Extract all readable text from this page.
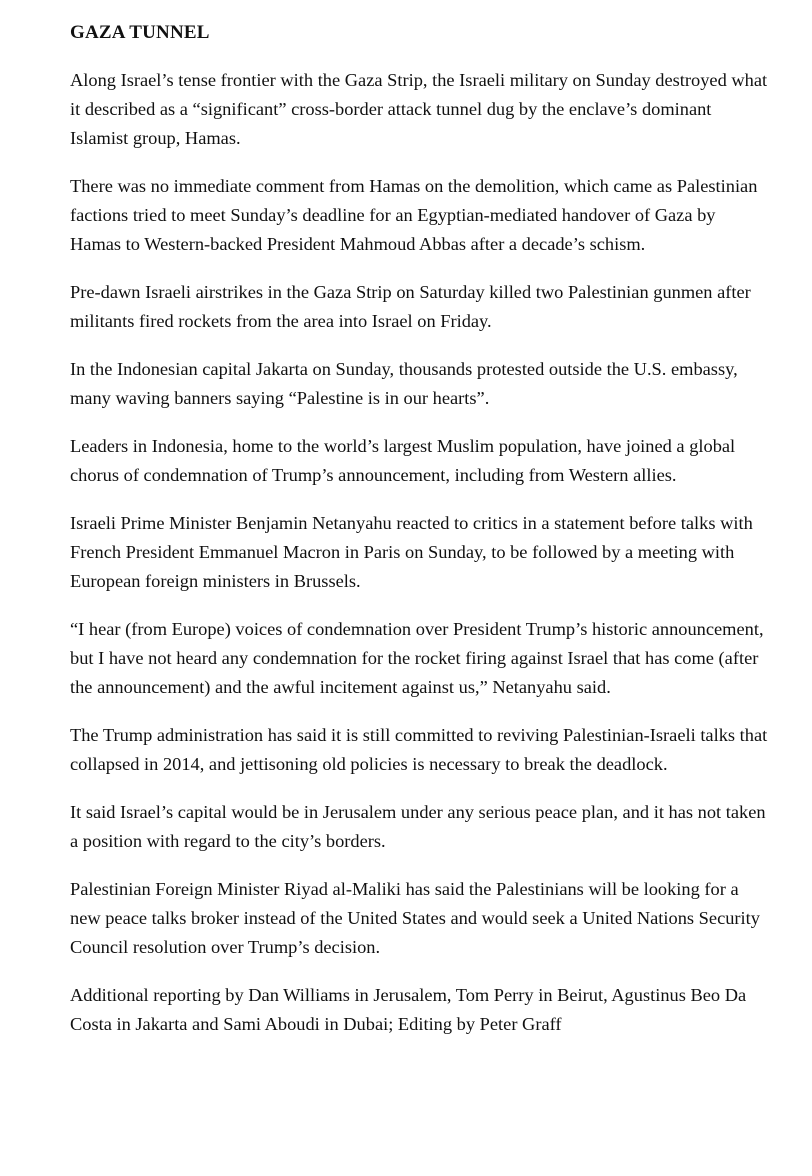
GAZA TUNNEL

Along Israel’s tense frontier with the Gaza Strip, the Israeli military on Sunday destroyed what it described as a “significant” cross-border attack tunnel dug by the enclave’s dominant Islamist group, Hamas.

There was no immediate comment from Hamas on the demolition, which came as Palestinian factions tried to meet Sunday’s deadline for an Egyptian-mediated handover of Gaza by Hamas to Western-backed President Mahmoud Abbas after a decade’s schism.

Pre-dawn Israeli airstrikes in the Gaza Strip on Saturday killed two Palestinian gunmen after militants fired rockets from the area into Israel on Friday.

In the Indonesian capital Jakarta on Sunday, thousands protested outside the U.S. embassy, many waving banners saying “Palestine is in our hearts”.

Leaders in Indonesia, home to the world’s largest Muslim population, have joined a global chorus of condemnation of Trump’s announcement, including from Western allies.

Israeli Prime Minister Benjamin Netanyahu reacted to critics in a statement before talks with French President Emmanuel Macron in Paris on Sunday, to be followed by a meeting with European foreign ministers in Brussels.

“I hear (from Europe) voices of condemnation over President Trump’s historic announcement, but I have not heard any condemnation for the rocket firing against Israel that has come (after the announcement) and the awful incitement against us,” Netanyahu said.

The Trump administration has said it is still committed to reviving Palestinian-Israeli talks that collapsed in 2014, and jettisoning old policies is necessary to break the deadlock.

It said Israel’s capital would be in Jerusalem under any serious peace plan, and it has not taken a position with regard to the city’s borders.

Palestinian Foreign Minister Riyad al-Maliki has said the Palestinians will be looking for a new peace talks broker instead of the United States and would seek a United Nations Security Council resolution over Trump’s decision.

Additional reporting by Dan Williams in Jerusalem, Tom Perry in Beirut, Agustinus Beo Da Costa in Jakarta and Sami Aboudi in Dubai; Editing by Peter Graff
